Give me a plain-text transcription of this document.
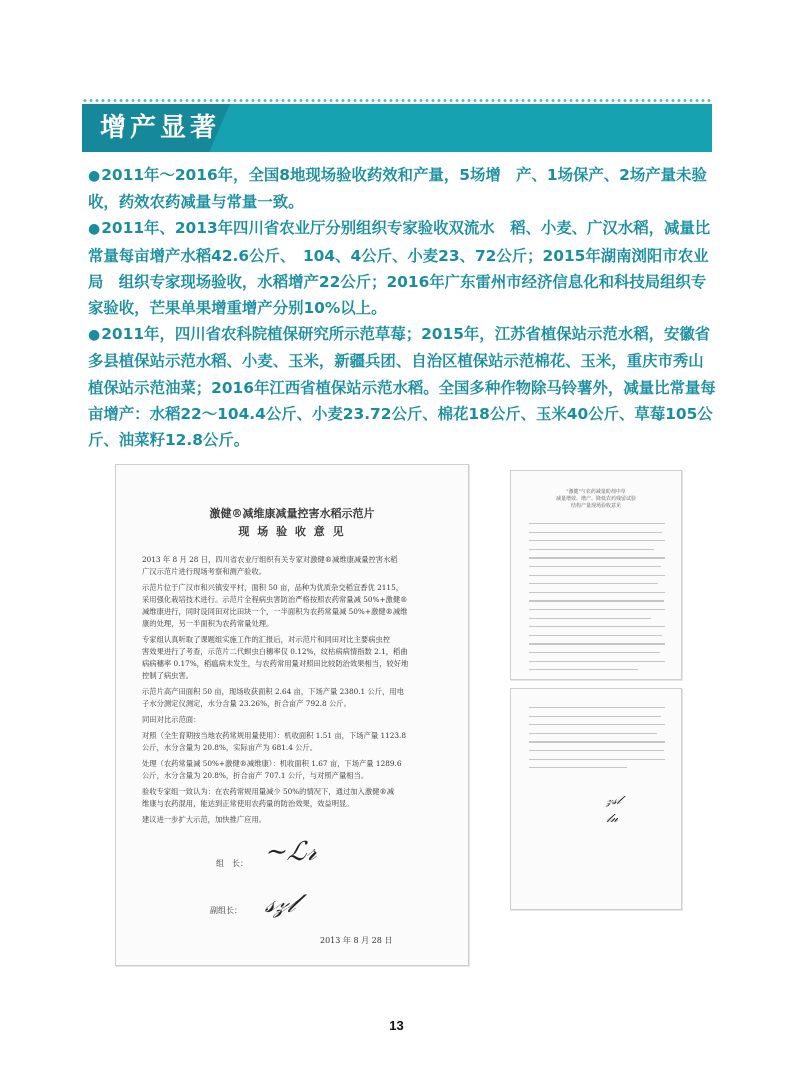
增产显著

●2011年～2016年，全国8地现场验收药效和产量，5场增　产、1场保产、2场产量未验收，药效农药减量与常量一致。

●2011年、2013年四川省农业厅分别组织专家验收双流水　稻、小麦、广汉水稻，减量比常量每亩增产水稻42.6公斤、　104、4公斤、小麦23、72公斤；2015年湖南浏阳市农业局　组织专家现场验收，水稻增产22公斤；2016年广东雷州市经济信息化和科技局组织专家验收，芒果单果增重增产分别10%以上。

●2011年，四川省农科院植保研究所示范草莓；2015年，江苏省植保站示范水稻，安徽省多县植保站示范水稻、小麦、玉米，新疆兵团、自治区植保站示范棉花、玉米，重庆市秀山植保站示范油菜；2016年江西省植保站示范水稻。全国多种作物除马铃薯外，减量比常量每亩增产：水稻22～104.4公斤、小麦23.72公斤、棉花18公斤、玉米40公斤、草莓105公斤、油菜籽12.8公斤。

激健®减维康减量控害水稻示范片
现 场 验 收 意 见
2013 年 8 月 28 日，四川省农业厅组织有关专家对激健®减维康减量控害水稻
广汉示范片进行现场考察和测产验收。
示范片位于广汉市和兴镇安平村，面积 50 亩，品种为优质杂交稻宜香优 2115，
采用强化栽培技术进行。示范片全程病虫害防治严格按照农药常量减 50%+激健®
减维康进行，同时设同田对比田块一个，一半面积为农药常量减 50%+激健®减维
康的处理，另一半面积为农药常量处理。
专家组认真听取了课题组实施工作的汇报后，对示范片和同田对比主要病虫控
害效果进行了考查，示范片二代螟虫白穗率仅 0.12%，纹枯病病情指数 2.1，稻曲
病病穗率 0.17%，稻瘟病未发生，与农药常用量对照田比较防治效果相当，较好地
控制了病虫害。
示范片高产田面积 50 亩，现场收获面积 2.64 亩，下场产量 2380.1 公斤，用电
子水分测定仪测定，水分含量 23.26%，折合亩产 792.8 公斤。
同田对比示范面：
对照（全生育期按当地农药常规用量使用）：机收面积 1.51 亩，下场产量 1123.8
公斤，水分含量为 20.8%，实际亩产为 681.4 公斤。
处理（农药常量减 50%+激健®减维康）：机收面积 1.67 亩，下场产量 1289.6
公斤，水分含量为 20.8%，折合亩产 707.1 公斤，与对照产量相当。
验收专家组一致认为：在农药常规用量减少 50%的情况下，通过加入激健®减
维康与农药混用，能达到正常使用农药量的防治效果，效益明显。
建议进一步扩大示范，加快推广应用。
组　长： ~ℒ𝓇
副组长： 𝓈𝓏𝓁
2013 年 8 月 28 日
"激健"与农药减量助剂中草
减量增效、增产、降低农药残留试验
结构产量现场验收意见
𝓏𝓈𝓁
𝓁𝓃
13
